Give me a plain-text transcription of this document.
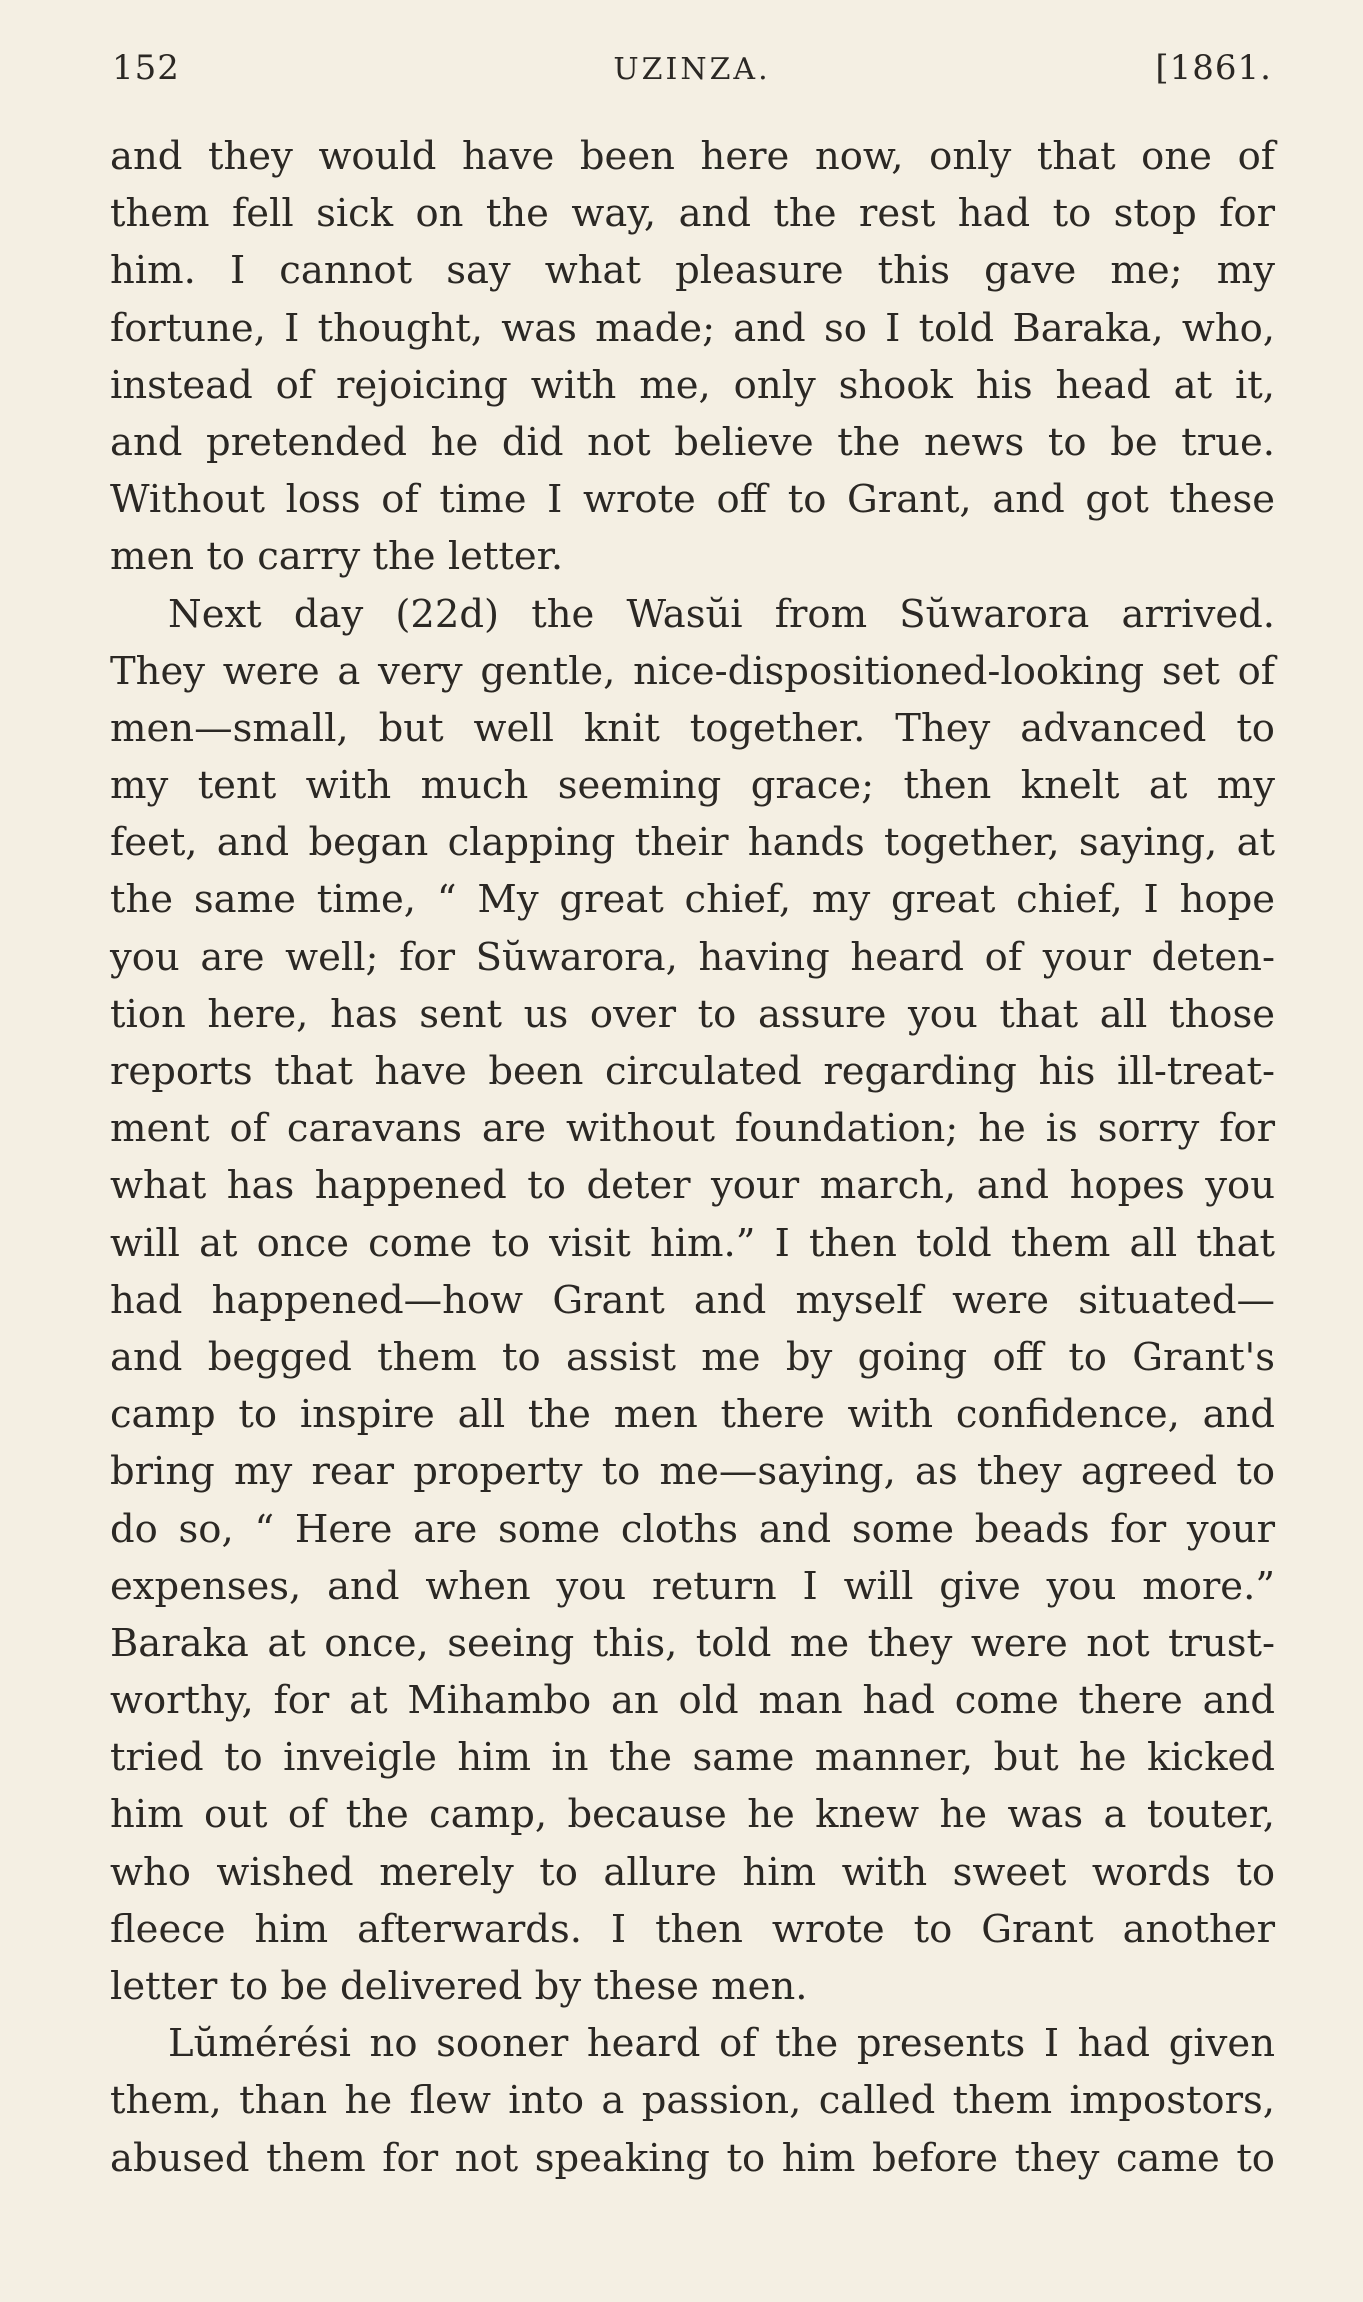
152	UZINZA.	[1861.
and they would have been here now, only that one of
them fell sick on the way, and the rest had to stop for
him. I cannot say what pleasure this gave me; my
fortune, I thought, was made; and so I told Baraka, who,
instead of rejoicing with me, only shook his head at it,
and pretended he did not believe the news to be true.
Without loss of time I wrote off to Grant, and got these
men to carry the letter.
Next day (22d) the Wasŭi from Sŭwarora arrived.
They were a very gentle, nice-dispositioned-looking set of
men—small, but well knit together. They advanced to
my tent with much seeming grace; then knelt at my
feet, and began clapping their hands together, saying, at
the same time, “ My great chief, my great chief, I hope
you are well; for Sŭwarora, having heard of your deten-
tion here, has sent us over to assure you that all those
reports that have been circulated regarding his ill-treat-
ment of caravans are without foundation; he is sorry for
what has happened to deter your march, and hopes you
will at once come to visit him.” I then told them all that
had happened—how Grant and myself were situated—
and begged them to assist me by going off to Grant's
camp to inspire all the men there with confidence, and
bring my rear property to me—saying, as they agreed to
do so, “ Here are some cloths and some beads for your
expenses, and when you return I will give you more.”
Baraka at once, seeing this, told me they were not trust-
worthy, for at Mihambo an old man had come there and
tried to inveigle him in the same manner, but he kicked
him out of the camp, because he knew he was a touter,
who wished merely to allure him with sweet words to
fleece him afterwards. I then wrote to Grant another
letter to be delivered by these men.
Lŭmérési no sooner heard of the presents I had given
them, than he flew into a passion, called them impostors,
abused them for not speaking to him before they came to
